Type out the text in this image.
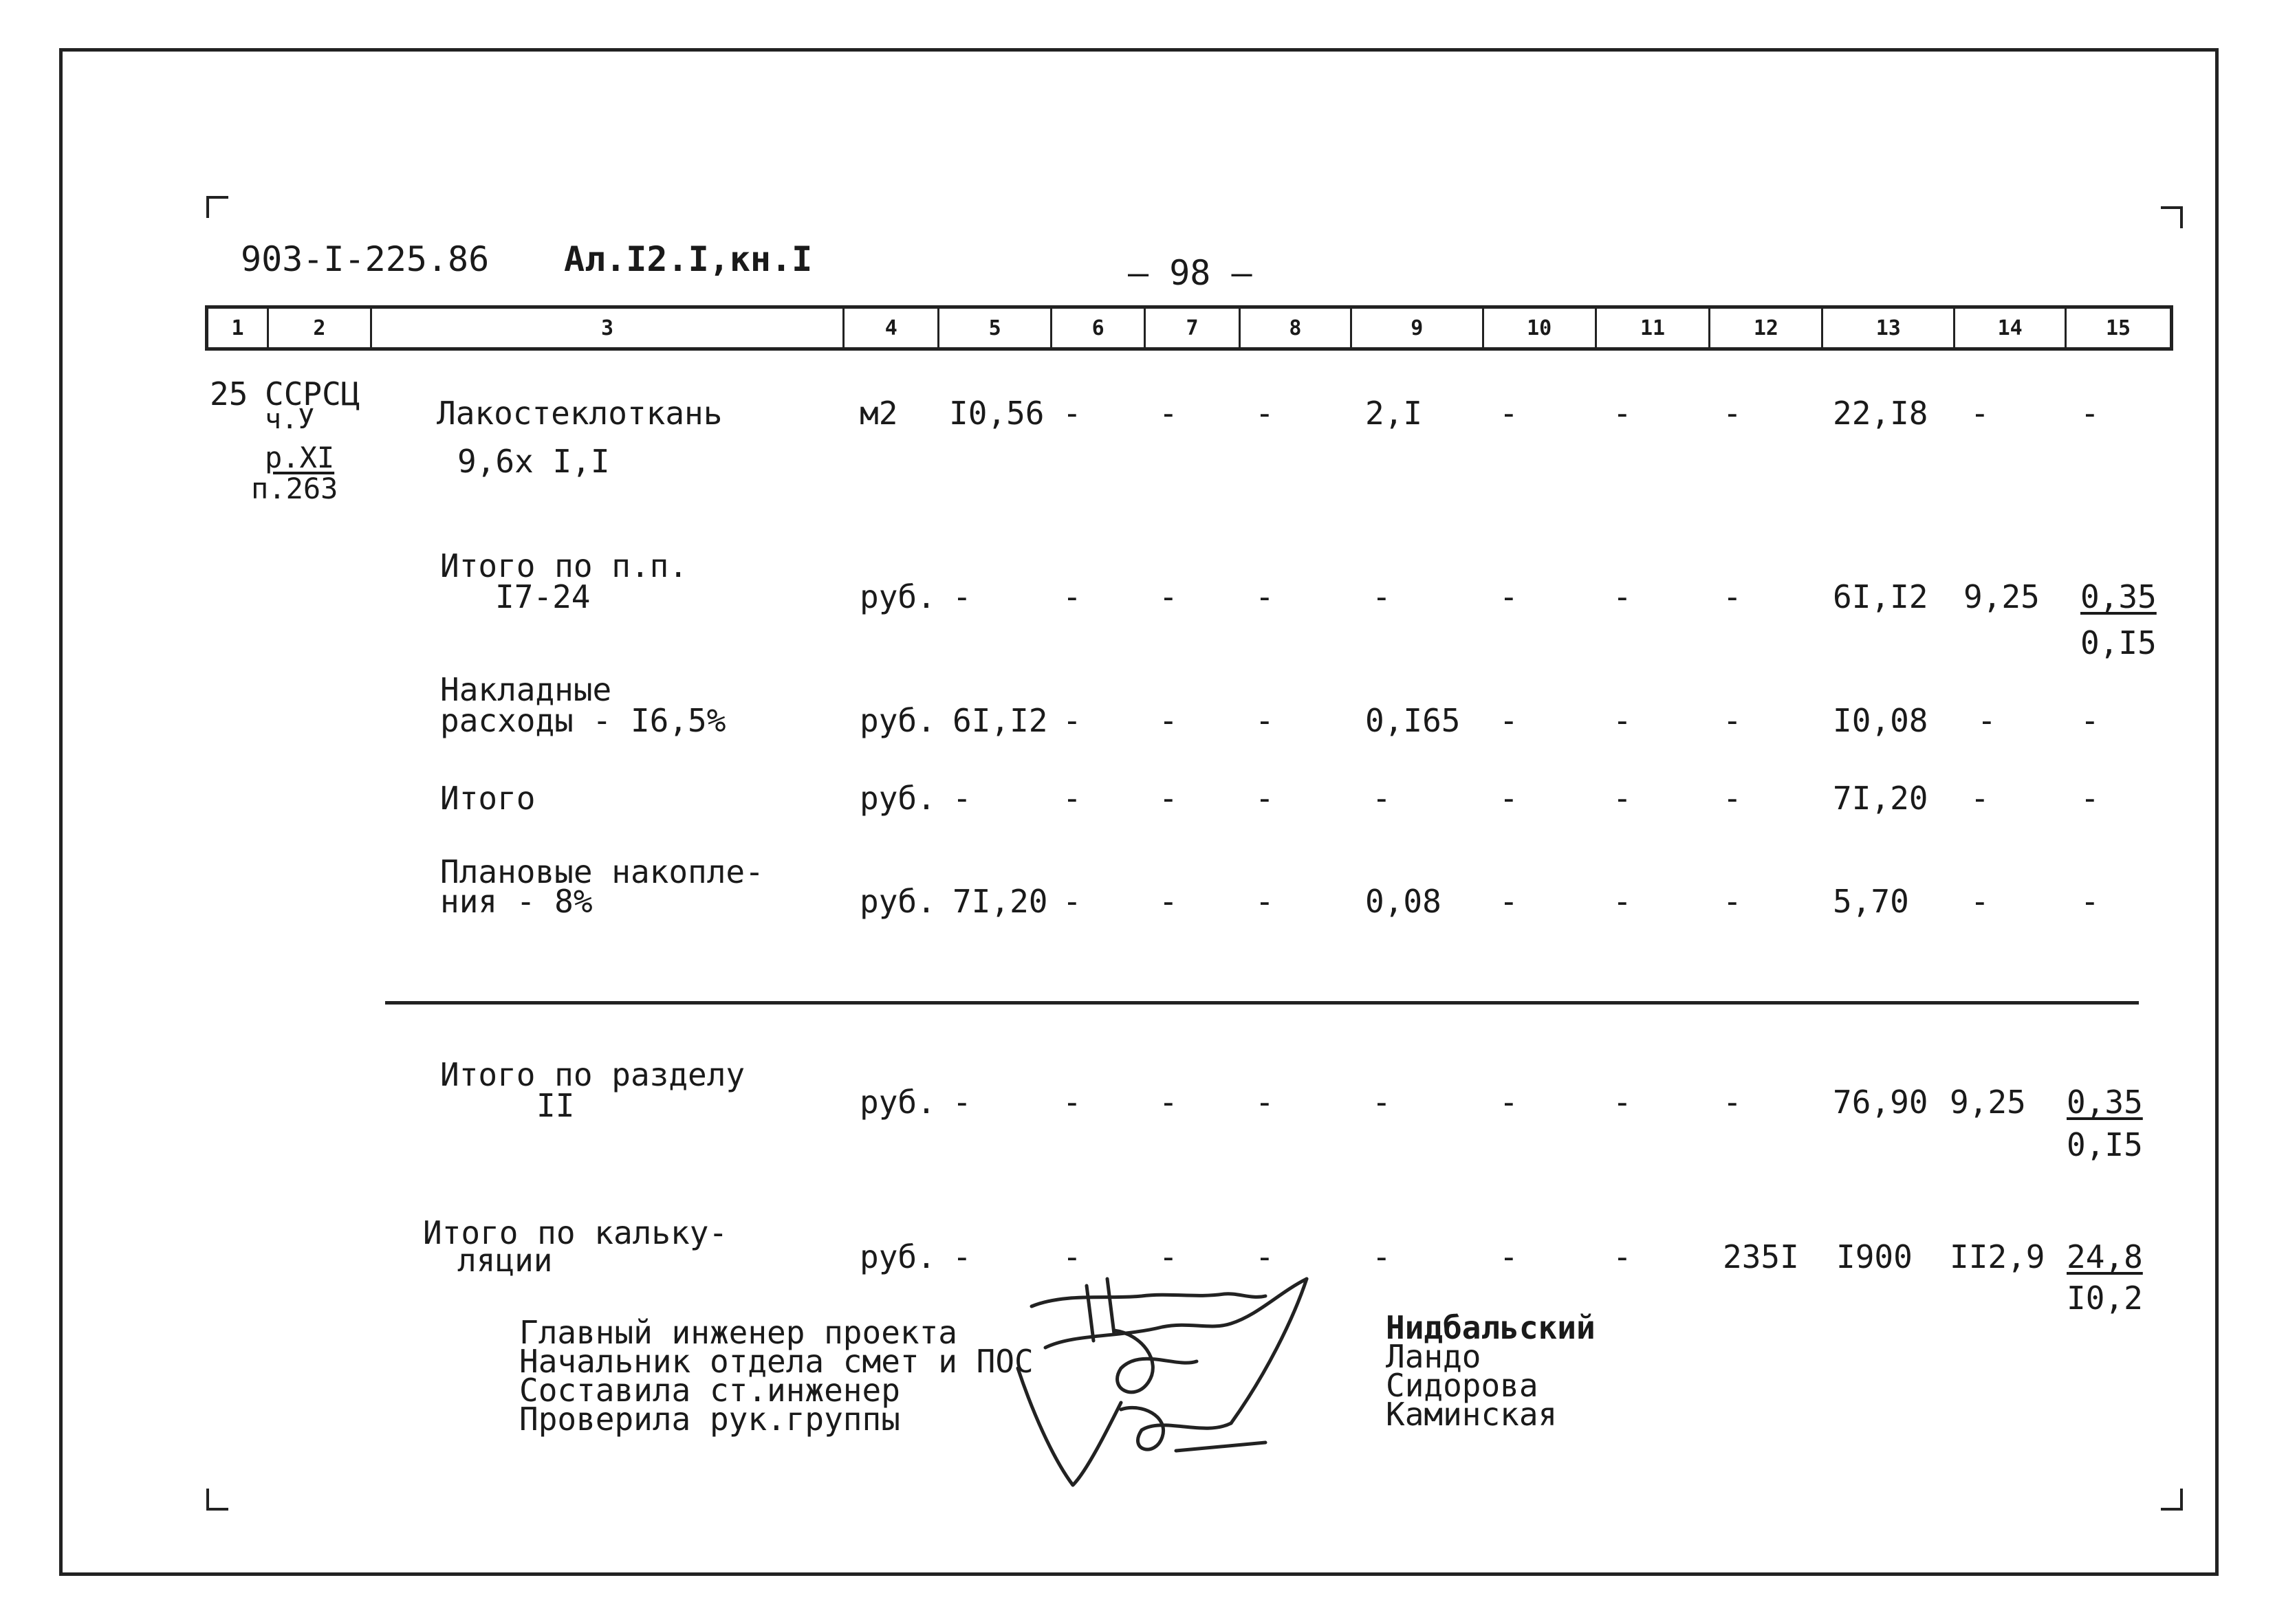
903-I-225.86 Ал.I2.I,кн.I	— 98 —
1	2	3	4	5	6	7	8	9	10	11	12	13	14	15
25 ССРСЦ
ч.У
р.XI
п.263
Лакостеклоткань
9,6х I,I
м2 I0,56 - - -	2,I -	-	-	22,I8 -	-
Итого по п.п.
I7-24	руб. -	- - -	-	-	-	-	6I,I2 9,25 0,35
0,I5
Накладные
расходы - I6,5%	руб. 6I,I2 - - -	0,I65 -	-	-	I0,08 -	-
Итого	руб. -	- - -	-	-	-	-	7I,20 -	-
Плановые накопле-
ния - 8%	руб. 7I,20 - - -	0,08 -	-	-	5,70 -	-
Итого по разделу
II	руб. -	- - -	-	-	-	-	76,90 9,25 0,35
0,I5
Итого по кальку-
ляции	руб. -	- - -	-	-	-	235I I900 II2,9 24,8
I0,2
Главный инженер проекта
Начальник отдела смет и ПОС
Составила ст.инженер
Проверила рук.группы
Нидбальский
Ландо
Сидорова
Каминская
